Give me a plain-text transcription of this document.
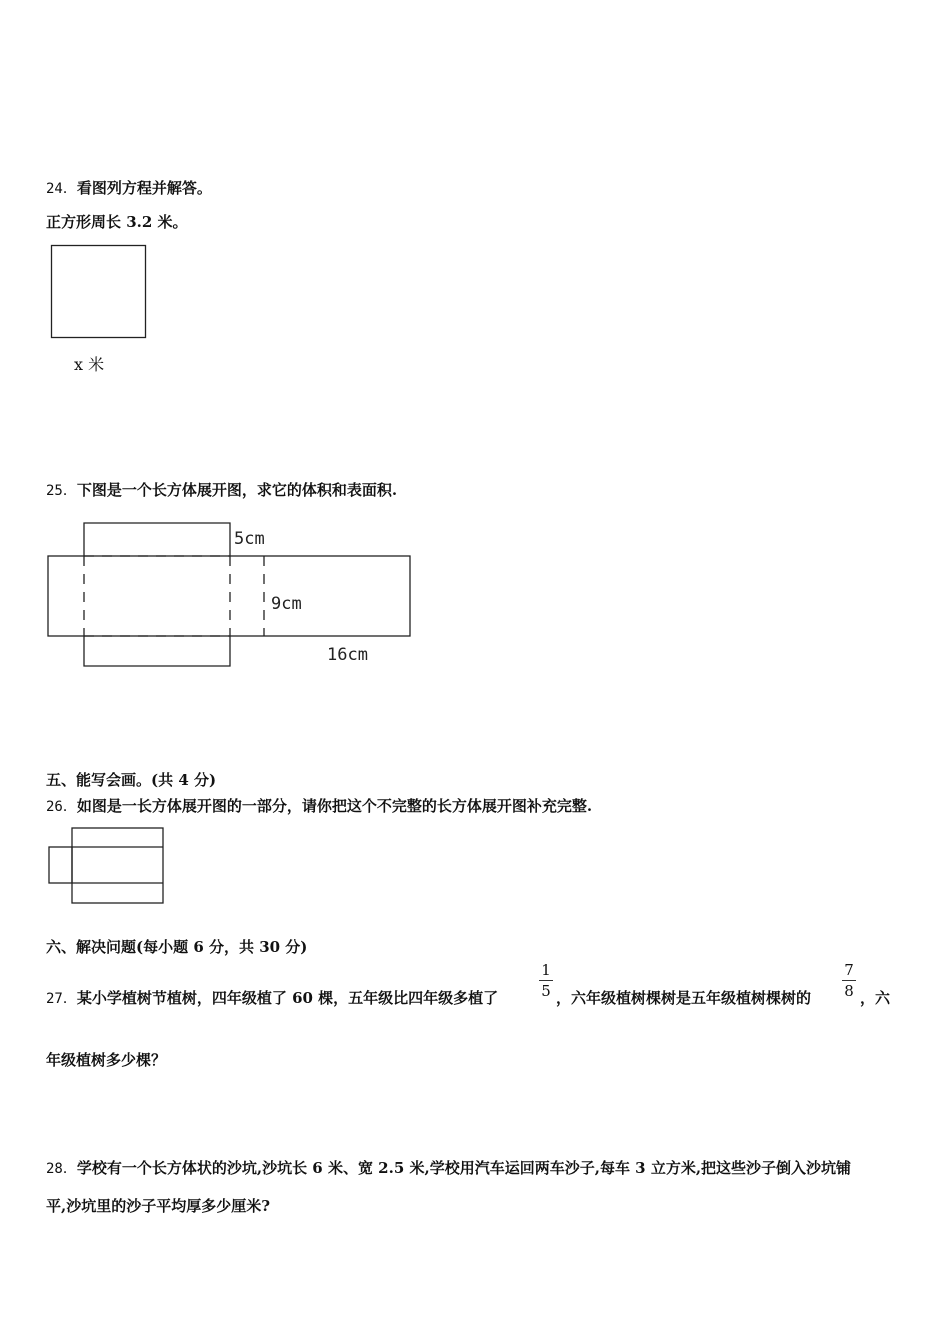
24．看图列方程并解答。
正方形周长 3.2 米。
x 米
25．下图是一个长方体展开图，求它的体积和表面积.
5cm
9cm
16cm
五、能写会画。(共 4 分)
26．如图是一长方体展开图的一部分，请你把这个不完整的长方体展开图补充完整.
六、解决问题(每小题 6 分，共 30 分)
27．某小学植树节植树，四年级植了 60 棵，五年级比四年级多植了
1
5 ，六年级植树棵树是五年级植树棵树的
7
8 ，六
年级植树多少棵？
28．学校有一个长方体状的沙坑,沙坑长 6 米、宽 2.5 米,学校用汽车运回两车沙子,每车 3 立方米,把这些沙子倒入沙坑铺
平,沙坑里的沙子平均厚多少厘米?
